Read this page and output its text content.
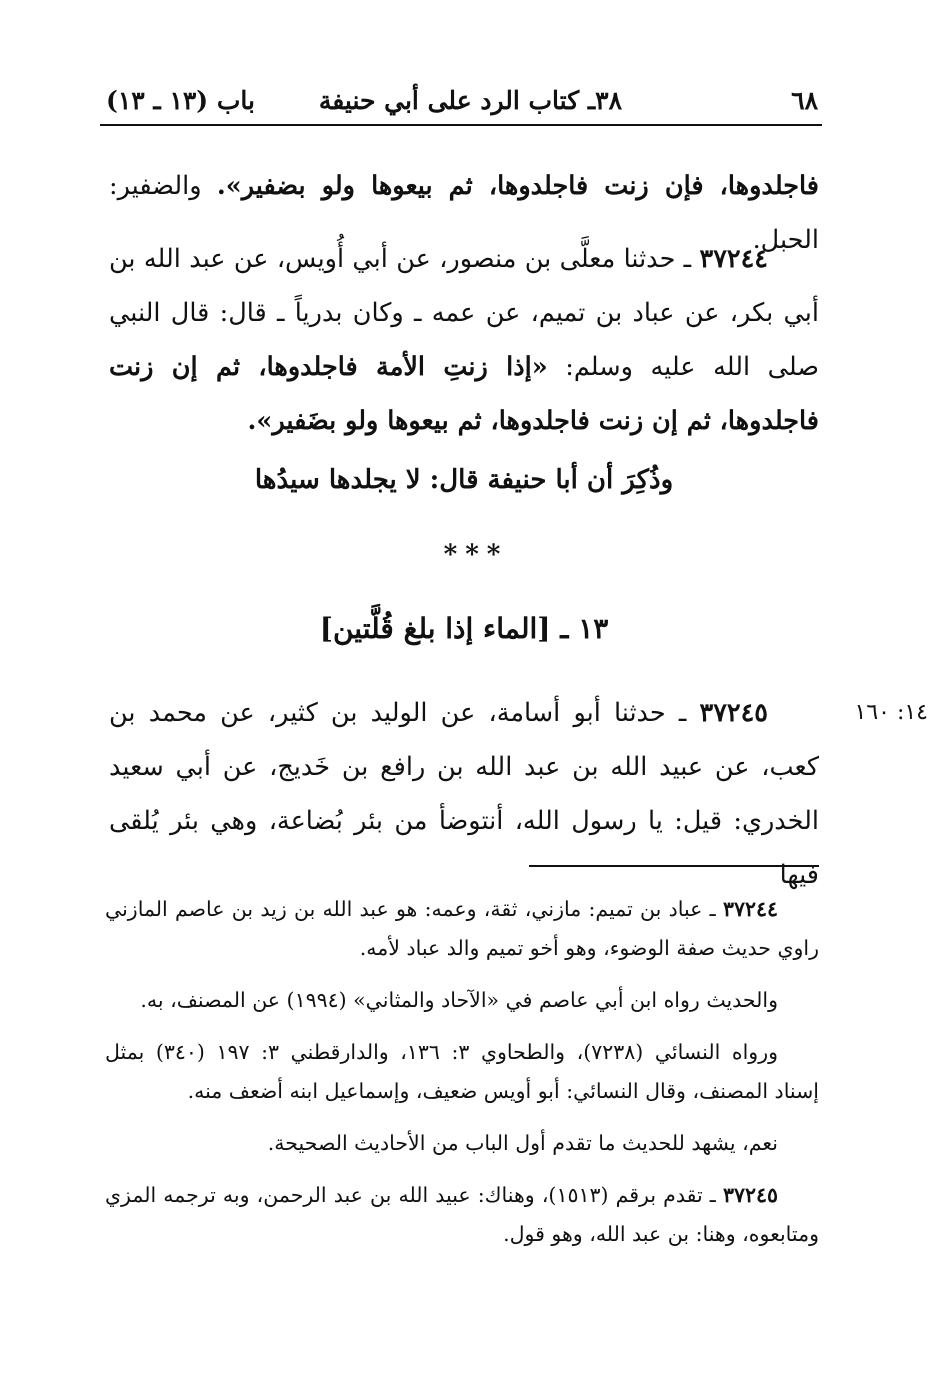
٦٨
٣٨ـ كتاب الرد على أبي حنيفة
باب (١٣ ـ ١٣)

فاجلدوها، فإن زنت فاجلدوها، ثم بيعوها ولو بضفير». والضفير: الحبل.

  ٣٧٢٤٤ ـ حدثنا معلَّى بن منصور، عن أبي أُويس، عن عبد الله بن أبي بكر، عن عباد بن تميم، عن عمه ـ وكان بدرياً ـ قال: قال النبي صلى الله عليه وسلم: «إذا زنتِ الأمة فاجلدوها، ثم إن زنت فاجلدوها، ثم إن زنت فاجلدوها، ثم بيعوها ولو بضَفير».

وذُكِرَ أن أبا حنيفة قال: لا يجلدها سيدُها
***
١٣ ـ [الماء إذا بلغ قُلَّتين]
١٤: ١٦٠

  ٣٧٢٤٥ ـ حدثنا أبو أسامة، عن الوليد بن كثير، عن محمد بن كعب، عن عبيد الله بن عبد الله بن رافع بن خَديج، عن أبي سعيد الخدري: قيل: يا رسول الله، أنتوضأ من بئر بُضاعة، وهي بئر يُلقى فيها

  ٣٧٢٤٤ ـ عباد بن تميم: مازني، ثقة، وعمه: هو عبد الله بن زيد بن عاصم المازني راوي حديث صفة الوضوء، وهو أخو تميم والد عباد لأمه.

  والحديث رواه ابن أبي عاصم في «الآحاد والمثاني» (١٩٩٤) عن المصنف، به.

  ورواه النسائي (٧٢٣٨)، والطحاوي ٣: ١٣٦، والدارقطني ٣: ١٩٧ (٣٤٠) بمثل إسناد المصنف، وقال النسائي: أبو أويس ضعيف، وإسماعيل ابنه أضعف منه.

  نعم، يشهد للحديث ما تقدم أول الباب من الأحاديث الصحيحة.

  ٣٧٢٤٥ ـ تقدم برقم (١٥١٣)، وهناك: عبيد الله بن عبد الرحمن، وبه ترجمه المزي ومتابعوه، وهنا: بن عبد الله، وهو قول.
